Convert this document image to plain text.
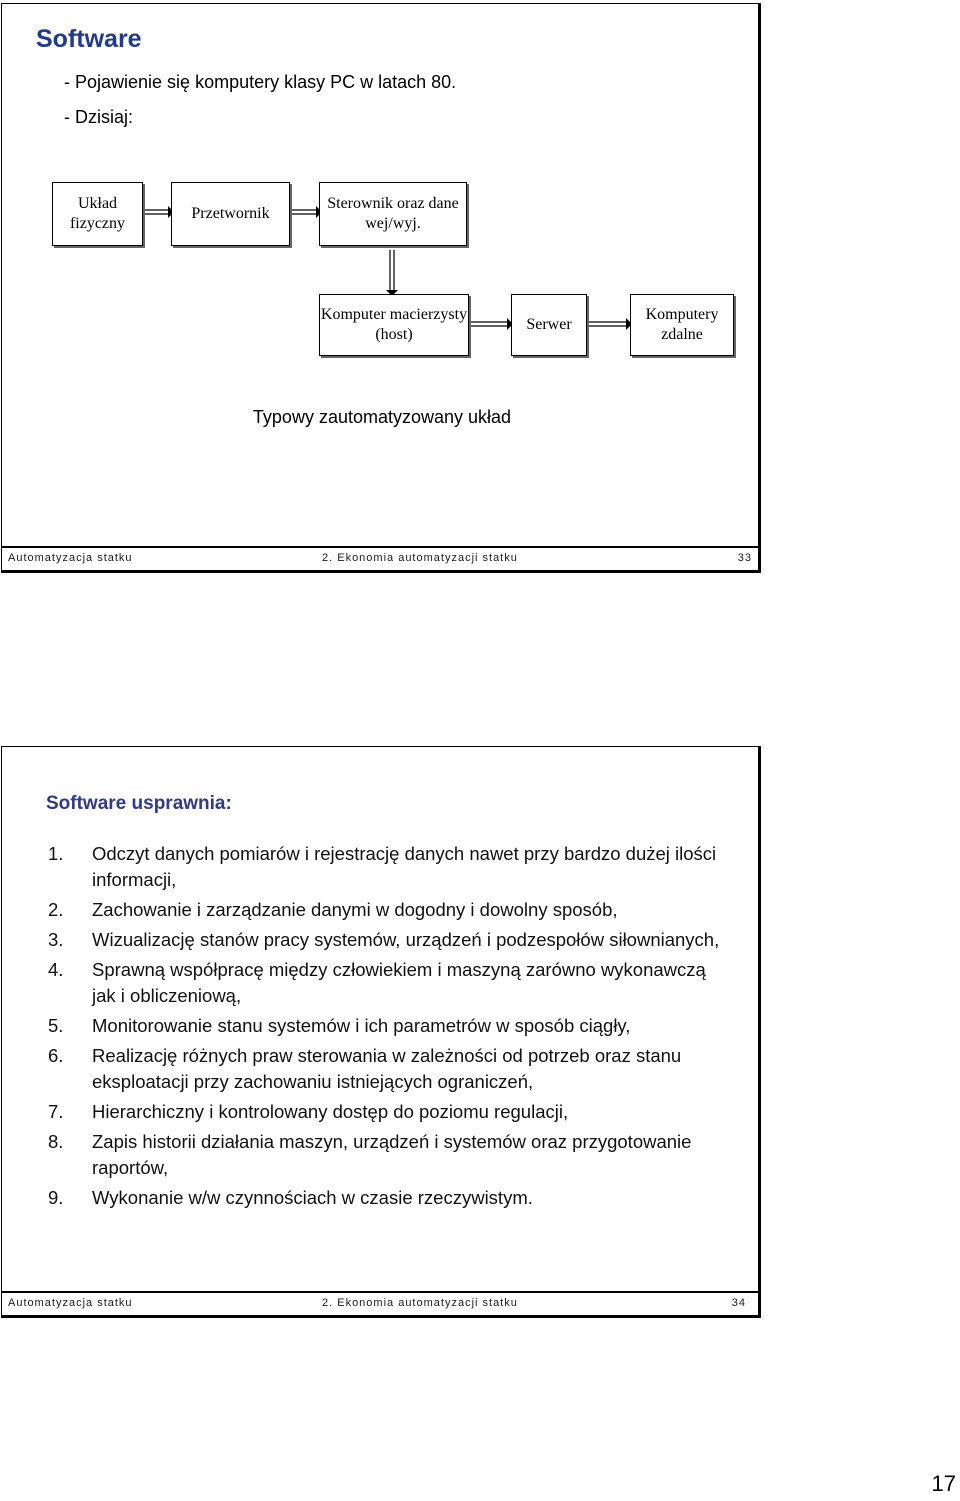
Software
- Pojawienie się komputery klasy PC w latach 80.
- Dzisiaj:
Układ fizyczny
Przetwornik
Sterownik oraz dane wej/wyj.
Komputer macierzysty (host)
Serwer
Komputery zdalne
Typowy zautomatyzowany układ
Automatyzacja statku	2. Ekonomia automatyzacji statku	33
Software usprawnia:
1. Odczyt danych pomiarów i rejestrację danych nawet przy bardzo dużej ilości informacji,
2. Zachowanie i zarządzanie danymi w dogodny i dowolny sposób,
3. Wizualizację stanów pracy systemów, urządzeń i podzespołów siłownianych,
4. Sprawną współpracę między człowiekiem i maszyną zarówno wykonawczą jak i obliczeniową,
5. Monitorowanie stanu systemów i ich parametrów w sposób ciągły,
6. Realizację różnych praw sterowania w zależności od potrzeb oraz stanu eksploatacji przy zachowaniu istniejących ograniczeń,
7. Hierarchiczny i kontrolowany dostęp do poziomu regulacji,
8. Zapis historii działania maszyn, urządzeń i systemów oraz przygotowanie raportów,
9. Wykonanie w/w czynnościach w czasie rzeczywistym.
Automatyzacja statku	2. Ekonomia automatyzacji statku	34
17
